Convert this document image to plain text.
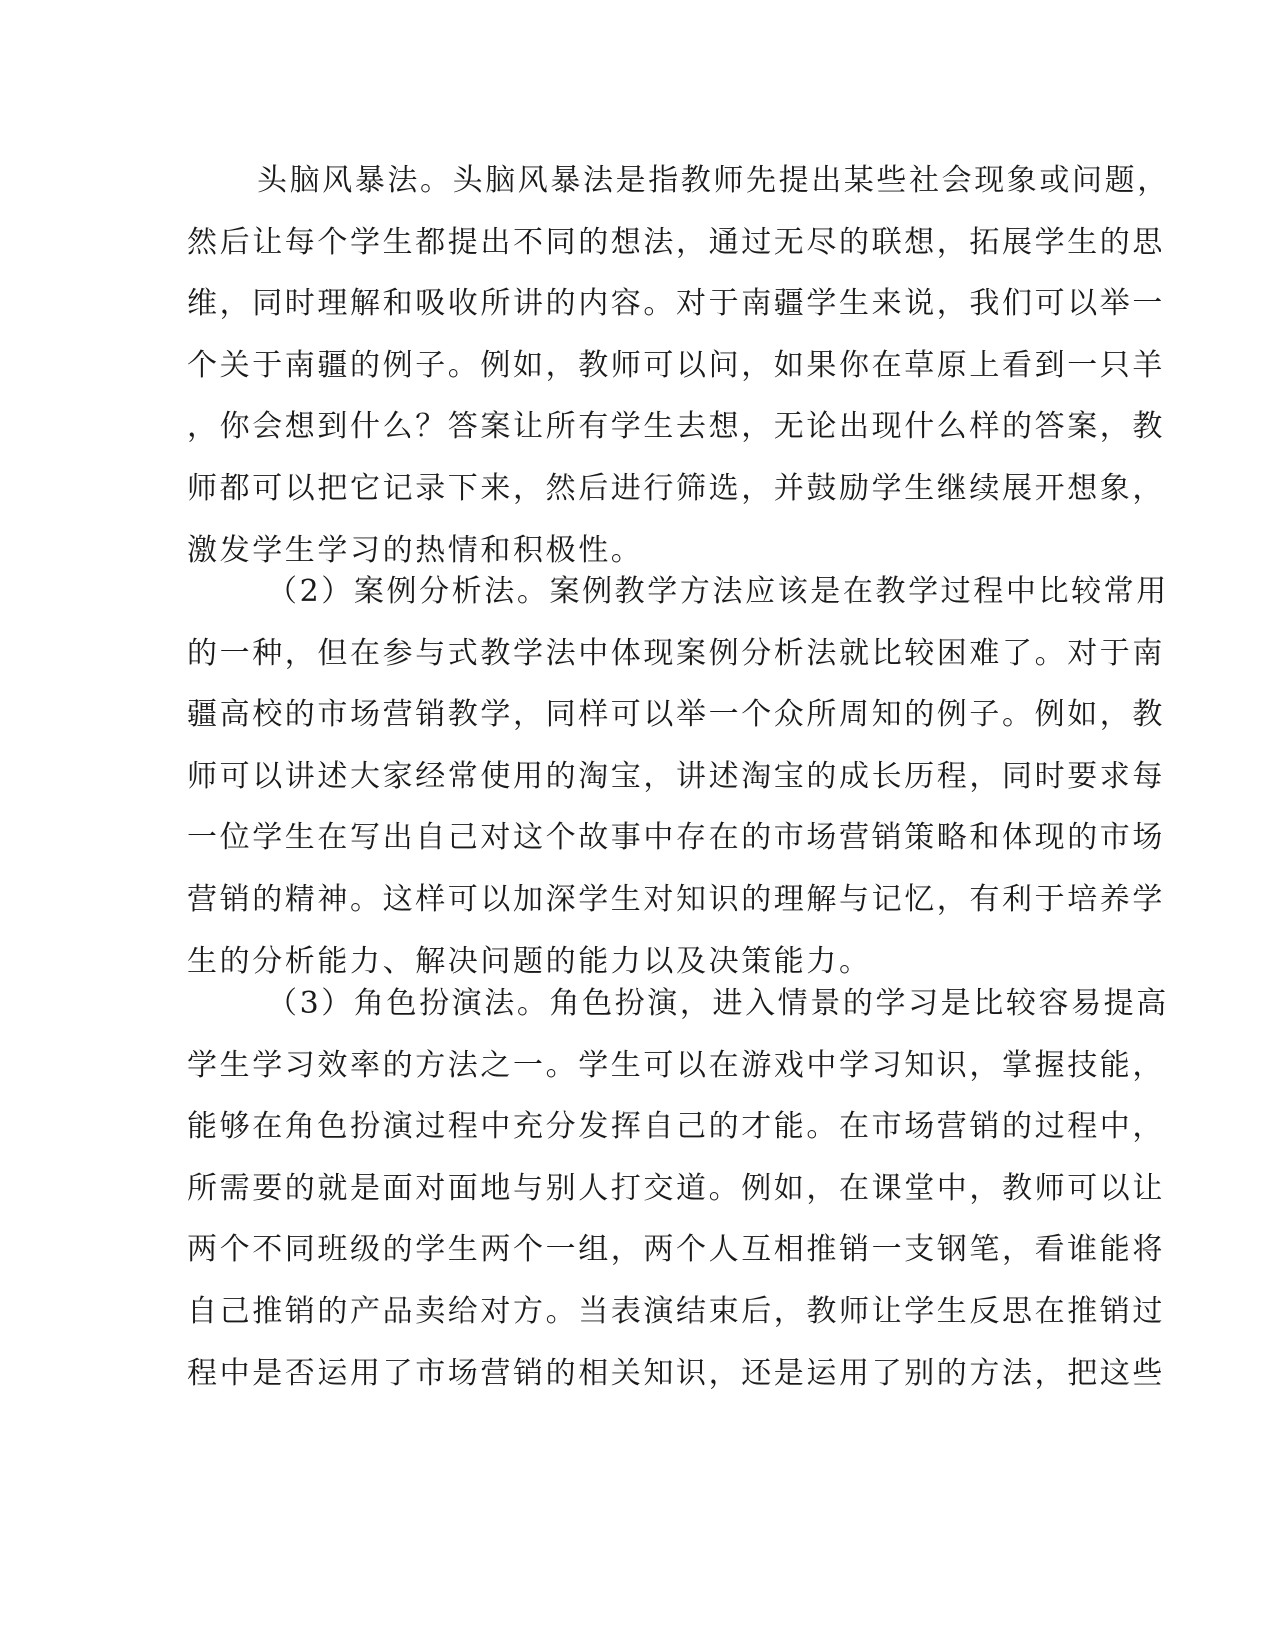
头脑风暴法。头脑风暴法是指教师先提出某些社会现象或问题，
然后让每个学生都提出不同的想法，通过无尽的联想，拓展学生的思
维，同时理解和吸收所讲的内容。对于南疆学生来说，我们可以举一
个关于南疆的例子。例如，教师可以问，如果你在草原上看到一只羊
，你会想到什么？答案让所有学生去想，无论出现什么样的答案，教
师都可以把它记录下来，然后进行筛选，并鼓励学生继续展开想象，
激发学生学习的热情和积极性。
（2）案例分析法。案例教学方法应该是在教学过程中比较常用
的一种，但在参与式教学法中体现案例分析法就比较困难了。对于南
疆高校的市场营销教学，同样可以举一个众所周知的例子。例如，教
师可以讲述大家经常使用的淘宝，讲述淘宝的成长历程，同时要求每
一位学生在写出自己对这个故事中存在的市场营销策略和体现的市场
营销的精神。这样可以加深学生对知识的理解与记忆，有利于培养学
生的分析能力、解决问题的能力以及决策能力。
（3）角色扮演法。角色扮演，进入情景的学习是比较容易提高
学生学习效率的方法之一。学生可以在游戏中学习知识，掌握技能，
能够在角色扮演过程中充分发挥自己的才能。在市场营销的过程中，
所需要的就是面对面地与别人打交道。例如，在课堂中，教师可以让
两个不同班级的学生两个一组，两个人互相推销一支钢笔，看谁能将
自己推销的产品卖给对方。当表演结束后，教师让学生反思在推销过
程中是否运用了市场营销的相关知识，还是运用了别的方法，把这些
